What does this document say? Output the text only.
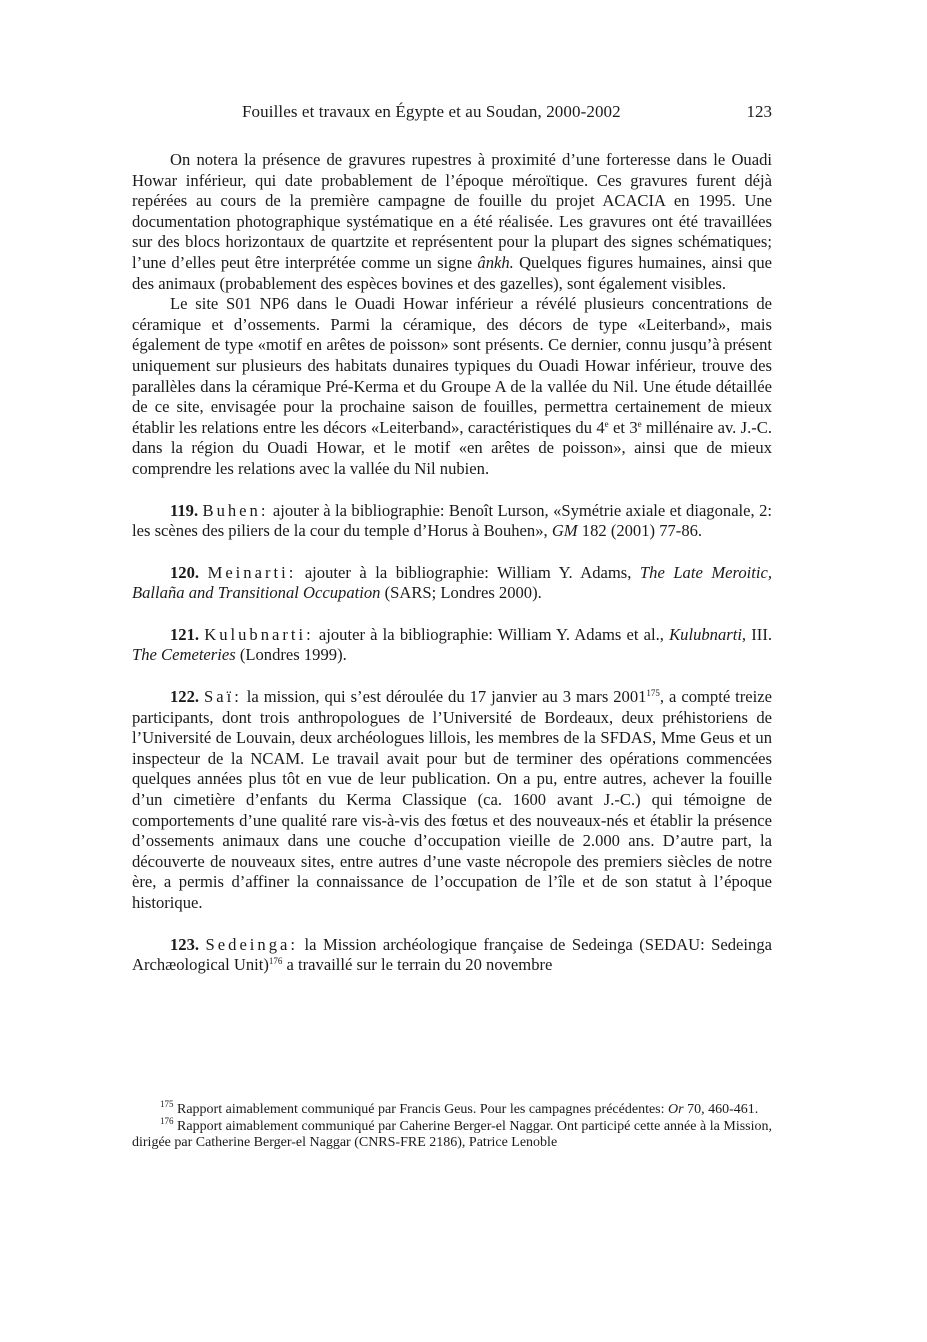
Fouilles et travaux en Égypte et au Soudan, 2000-2002	123

On notera la présence de gravures rupestres à proximité d’une forteresse dans le Ouadi Howar inférieur, qui date probablement de l’époque méroïtique. Ces gravures furent déjà repérées au cours de la première campagne de fouille du projet ACACIA en 1995. Une documentation photographique systématique en a été réalisée. Les gravures ont été travaillées sur des blocs horizontaux de quartzite et représentent pour la plupart des signes schématiques; l’une d’elles peut être interprétée comme un signe ânkh. Quelques figures humaines, ainsi que des animaux (probablement des espèces bovines et des gazelles), sont également visibles.

Le site S01 NP6 dans le Ouadi Howar inférieur a révélé plusieurs concentrations de céramique et d’ossements. Parmi la céramique, des décors de type «Leiterband», mais également de type «motif en arêtes de poisson» sont présents. Ce dernier, connu jusqu’à présent uniquement sur plusieurs des habitats dunaires typiques du Ouadi Howar inférieur, trouve des parallèles dans la céramique Pré-Kerma et du Groupe A de la vallée du Nil. Une étude détaillée de ce site, envisagée pour la prochaine saison de fouilles, permettra certainement de mieux établir les relations entre les décors «Leiterband», caractéristiques du 4e et 3e millénaire av. J.-C. dans la région du Ouadi Howar, et le motif «en arêtes de poisson», ainsi que de mieux comprendre les relations avec la vallée du Nil nubien.

119. Buhen: ajouter à la bibliographie: Benoît Lurson, «Symétrie axiale et diagonale, 2: les scènes des piliers de la cour du temple d’Horus à Bouhen», GM 182 (2001) 77-86.

120. Meinarti: ajouter à la bibliographie: William Y. Adams, The Late Meroitic, Ballaña and Transitional Occupation (SARS; Londres 2000).

121. Kulubnarti: ajouter à la bibliographie: William Y. Adams et al., Kulubnarti, III. The Cemeteries (Londres 1999).

122. Saï: la mission, qui s’est déroulée du 17 janvier au 3 mars 2001$^{175}$, a compté treize participants, dont trois anthropologues de l’Université de Bordeaux, deux préhistoriens de l’Université de Louvain, deux archéologues lillois, les membres de la SFDAS, Mme Geus et un inspecteur de la NCAM. Le travail avait pour but de terminer des opérations commencées quelques années plus tôt en vue de leur publication. On a pu, entre autres, achever la fouille d’un cimetière d’enfants du Kerma Classique (ca. 1600 avant J.-C.) qui témoigne de comportements d’une qualité rare vis-à-vis des fœtus et des nouveaux-nés et établir la présence d’ossements animaux dans une couche d’occupation vieille de 2.000 ans. D’autre part, la découverte de nouveaux sites, entre autres d’une vaste nécropole des premiers siècles de notre ère, a permis d’affiner la connaissance de l’occupation de l’île et de son statut à l’époque historique.

123. Sedeinga: la Mission archéologique française de Sedeinga (SEDAU: Sedeinga Archæological Unit)$^{176}$ a travaillé sur le terrain du 20 novembre

$^{175}$ Rapport aimablement communiqué par Francis Geus. Pour les campagnes précédentes: Or 70, 460-461.

$^{176}$ Rapport aimablement communiqué par Caherine Berger-el Naggar. Ont participé cette année à la Mission, dirigée par Catherine Berger-el Naggar (CNRS-FRE 2186), Patrice Lenoble
